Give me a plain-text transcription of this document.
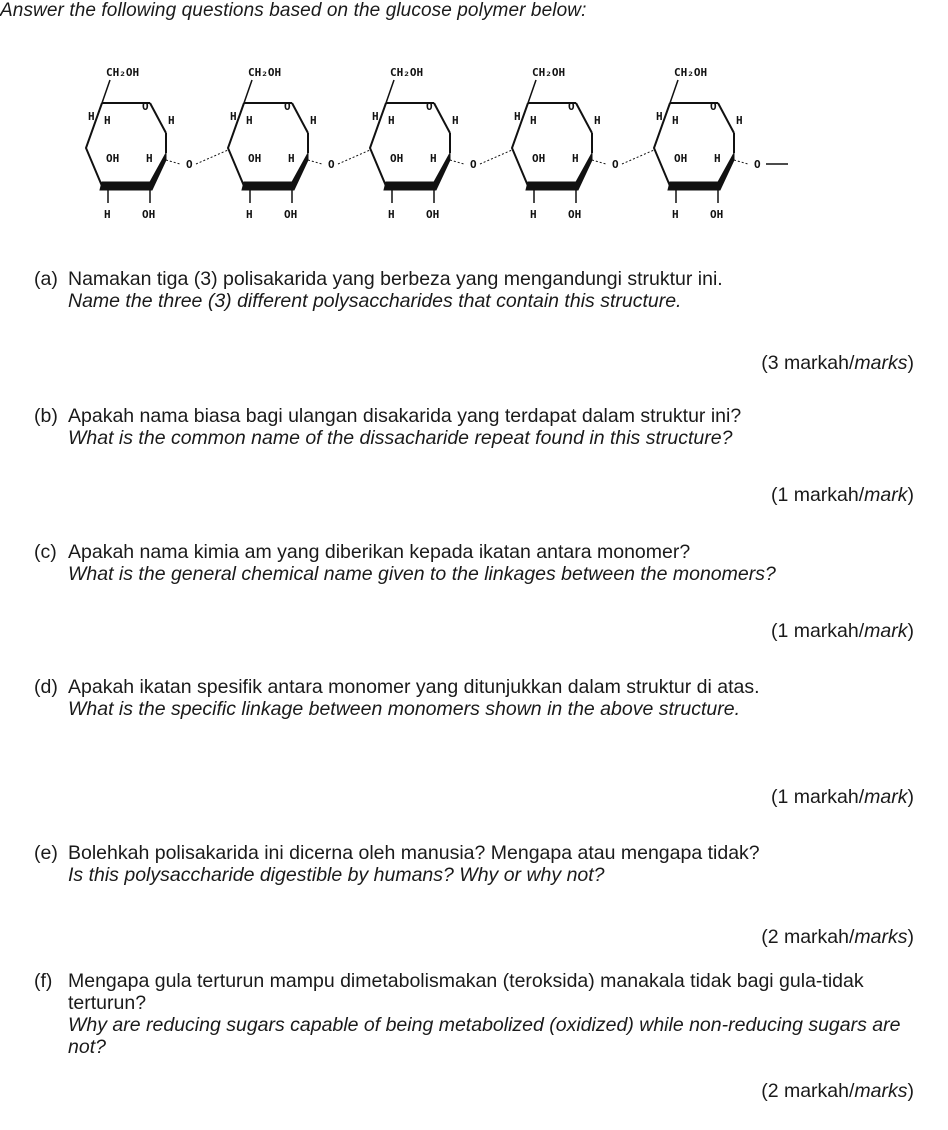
Answer the following questions based on the glucose polymer below:
CH₂OH
O
H H	H
OH H
H	OH
O
CH₂OH
O
H H	H
OH H
H	OH
O
CH₂OH
O
H H	H
OH H
H	OH
O
CH₂OH
O
H H	H
OH H
H	OH
O
CH₂OH
O
H H	H
OH H
H	OH
O
(a) Namakan tiga (3) polisakarida yang berbeza yang mengandungi struktur ini.
Name the three (3) different polysaccharides that contain this structure.
(3 markah/marks)
(b) Apakah nama biasa bagi ulangan disakarida yang terdapat dalam struktur ini?
What is the common name of the dissacharide repeat found in this structure?
(1 markah/mark)
(c) Apakah nama kimia am yang diberikan kepada ikatan antara monomer?
What is the general chemical name given to the linkages between the monomers?
(1 markah/mark)
(d) Apakah ikatan spesifik antara monomer yang ditunjukkan dalam struktur di atas.
What is the specific linkage between monomers shown in the above structure.
(1 markah/mark)
(e) Bolehkah polisakarida ini dicerna oleh manusia? Mengapa atau mengapa tidak?
Is this polysaccharide digestible by humans? Why or why not?
(2 markah/marks)
(f) Mengapa gula terturun mampu dimetabolismakan (teroksida) manakala tidak bagi gula-tidak terturun?
Why are reducing sugars capable of being metabolized (oxidized) while non-reducing sugars are not?
(2 markah/marks)
